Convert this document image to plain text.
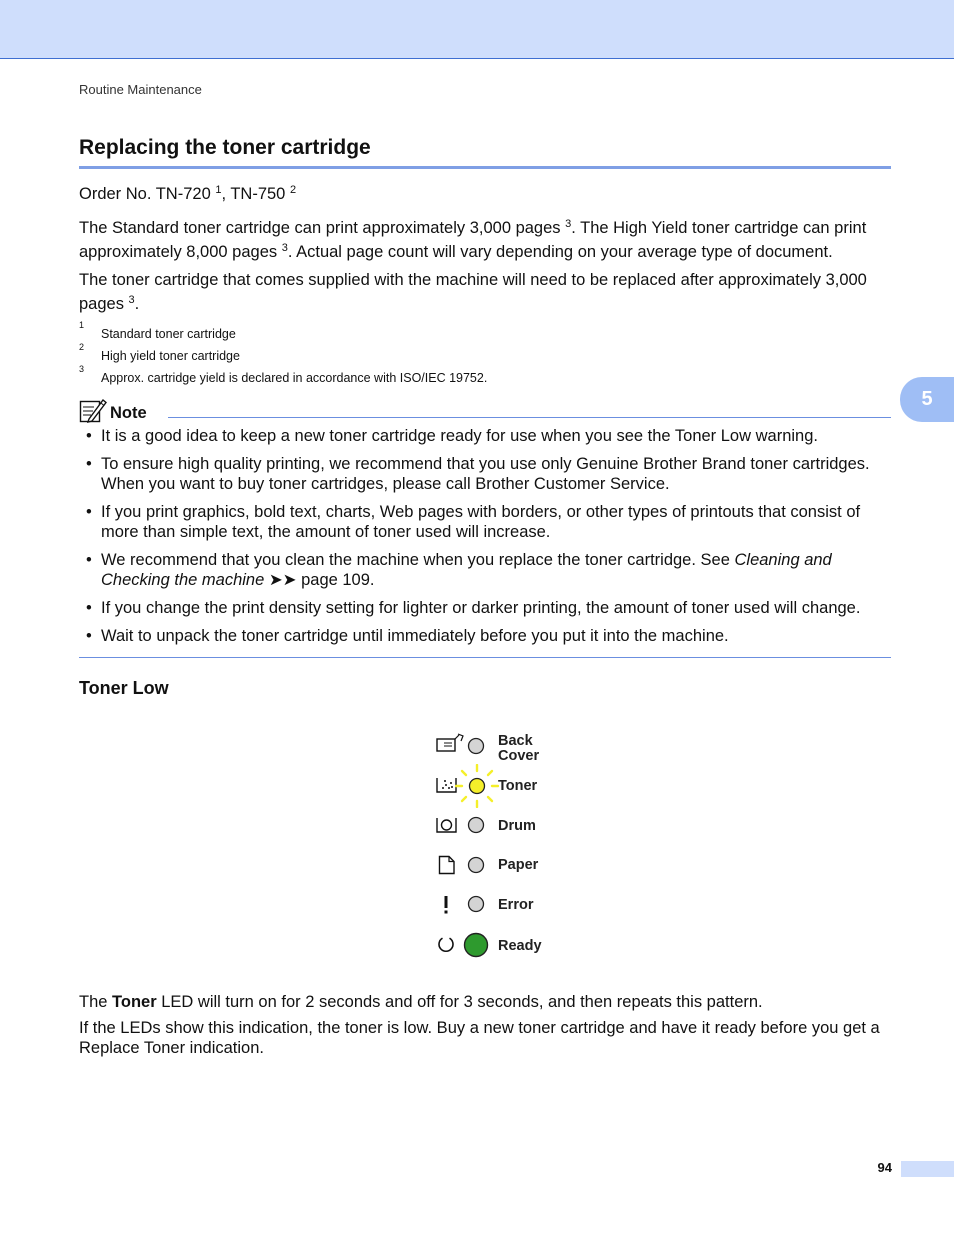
Routine Maintenance
Replacing the toner cartridge

Order No. TN-720 $^1$, TN-750 $^2$

The Standard toner cartridge can print approximately 3,000 pages $^3$. The High Yield toner cartridge can print approximately 8,000 pages $^3$. Actual page count will vary depending on your average type of document.

The toner cartridge that comes supplied with the machine will need to be replaced after approximately 3,000 pages $^3$.

1
Standard toner cartridge
2
High yield toner cartridge
3
Approx. cartridge yield is declared in accordance with ISO/IEC 19752.
5
Note
• It is a good idea to keep a new toner cartridge ready for use when you see the Toner Low warning.
• To ensure high quality printing, we recommend that you use only Genuine Brother Brand toner cartridges. When you want to buy toner cartridges, please call Brother Customer Service.
• If you print graphics, bold text, charts, Web pages with borders, or other types of printouts that consist of more than simple text, the amount of toner used will increase.
• We recommend that you clean the machine when you replace the toner cartridge. See Cleaning and Checking the machine ➤➤ page 109.
• If you change the print density setting for lighter or darker printing, the amount of toner used will change.
• Wait to unpack the toner cartridge until immediately before you put it into the machine.
Toner Low
Back
Cover
Toner
Drum
Paper
Error
Ready

The Toner LED will turn on for 2 seconds and off for 3 seconds, and then repeats this pattern.

If the LEDs show this indication, the toner is low. Buy a new toner cartridge and have it ready before you get a Replace Toner indication.

94
